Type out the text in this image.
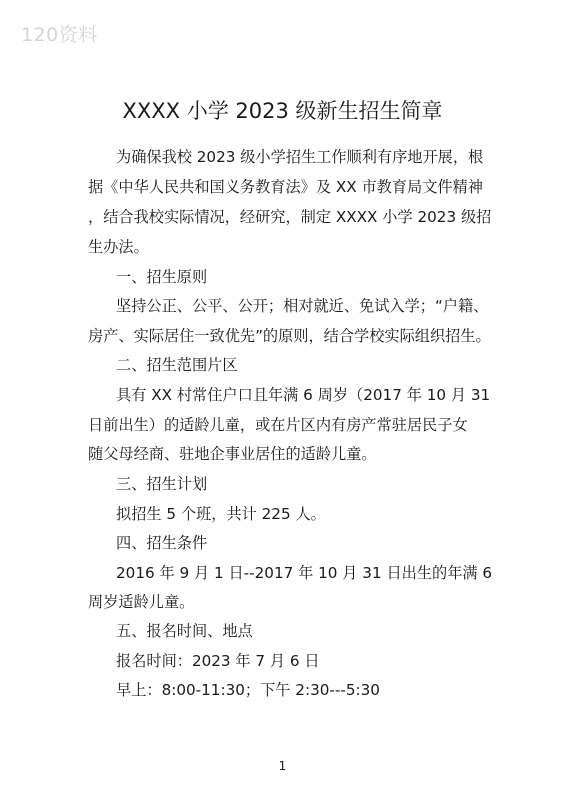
120资料
XXXX 小学 2023 级新生招生简章
为确保我校 2023 级小学招生工作顺利有序地开展，根
据《中华人民共和国义务教育法》及 XX 市教育局文件精神
，结合我校实际情况，经研究，制定 XXXX 小学 2023 级招
生办法。
一、招生原则
坚持公正、公平、公开；相对就近、免试入学；“户籍、
房产、实际居住一致优先”的原则，结合学校实际组织招生。
二、招生范围片区
具有 XX 村常住户口且年满 6 周岁（2017 年 10 月 31
日前出生）的适龄儿童，或在片区内有房产常驻居民子女
随父母经商、驻地企事业居住的适龄儿童。
三、招生计划
拟招生 5 个班，共计 225 人。
四、招生条件
2016 年 9 月 1 日--2017 年 10 月 31 日出生的年满 6
周岁适龄儿童。
五、报名时间、地点
报名时间：2023 年 7 月 6 日
早上：8:00-11:30；下午 2:30---5:30
1
